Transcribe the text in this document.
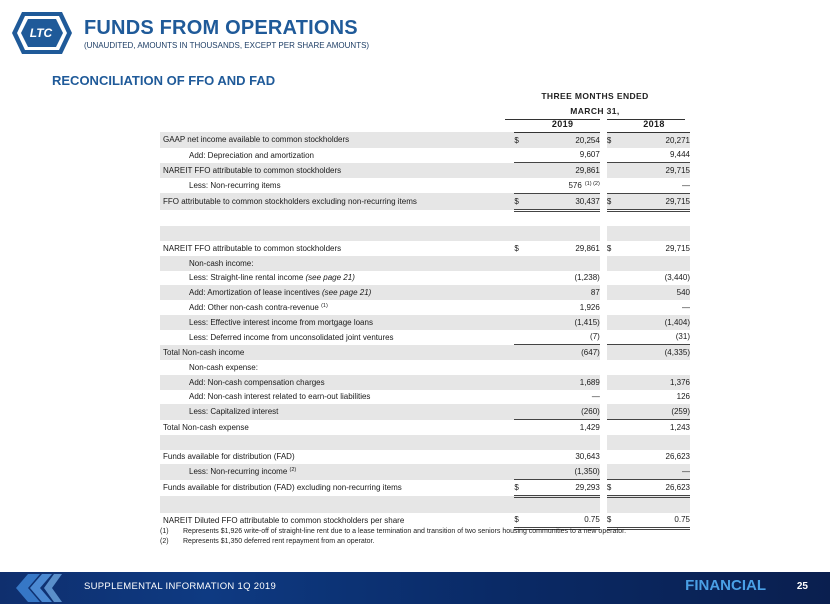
LTC FUNDS FROM OPERATIONS
(UNAUDITED, AMOUNTS IN THOUSANDS, EXCEPT PER SHARE AMOUNTS)
RECONCILIATION OF FFO AND FAD
THREE MONTHS ENDED
MARCH 31,
		2019			2018
GAAP net income available to common stockholders	$	20,254		$	20,271
Add: Depreciation and amortization		9,607			9,444
NAREIT FFO attributable to common stockholders		29,861			29,715
Less: Non-recurring items		576 $^{(1) (2)}$			—
FFO attributable to common stockholders excluding non-recurring items	$	30,437		$	29,715

NAREIT FFO attributable to common stockholders	$	29,861		$	29,715
Non-cash income:					
Less: Straight-line rental income (see page 21)		(1,238)			(3,440)
Add: Amortization of lease incentives (see page 21)		87			540
Add: Other non-cash contra-revenue $^{(1)}$		1,926			—
Less: Effective interest income from mortgage loans		(1,415)			(1,404)
Less: Deferred income from unconsolidated joint ventures		(7)			(31)
Total Non-cash income		(647)			(4,335)
Non-cash expense:					
Add: Non-cash compensation charges		1,689			1,376
Add: Non-cash interest related to earn-out liabilities		—			126
Less: Capitalized interest		(260)			(259)
Total Non-cash expense		1,429			1,243

Funds available for distribution (FAD)		30,643			26,623
Less: Non-recurring income $^{(2)}$		(1,350)			—
Funds available for distribution (FAD) excluding non-recurring items	$	29,293		$	26,623

NAREIT Diluted FFO attributable to common stockholders per share	$	0.75		$	0.75
(1) Represents $1,926 write-off of straight-line rent due to a lease termination and transition of two seniors housing communities to a new operator.
(2) Represents $1,350 deferred rent repayment from an operator.
SUPPLEMENTAL INFORMATION 1Q 2019	FINANCIAL	25
